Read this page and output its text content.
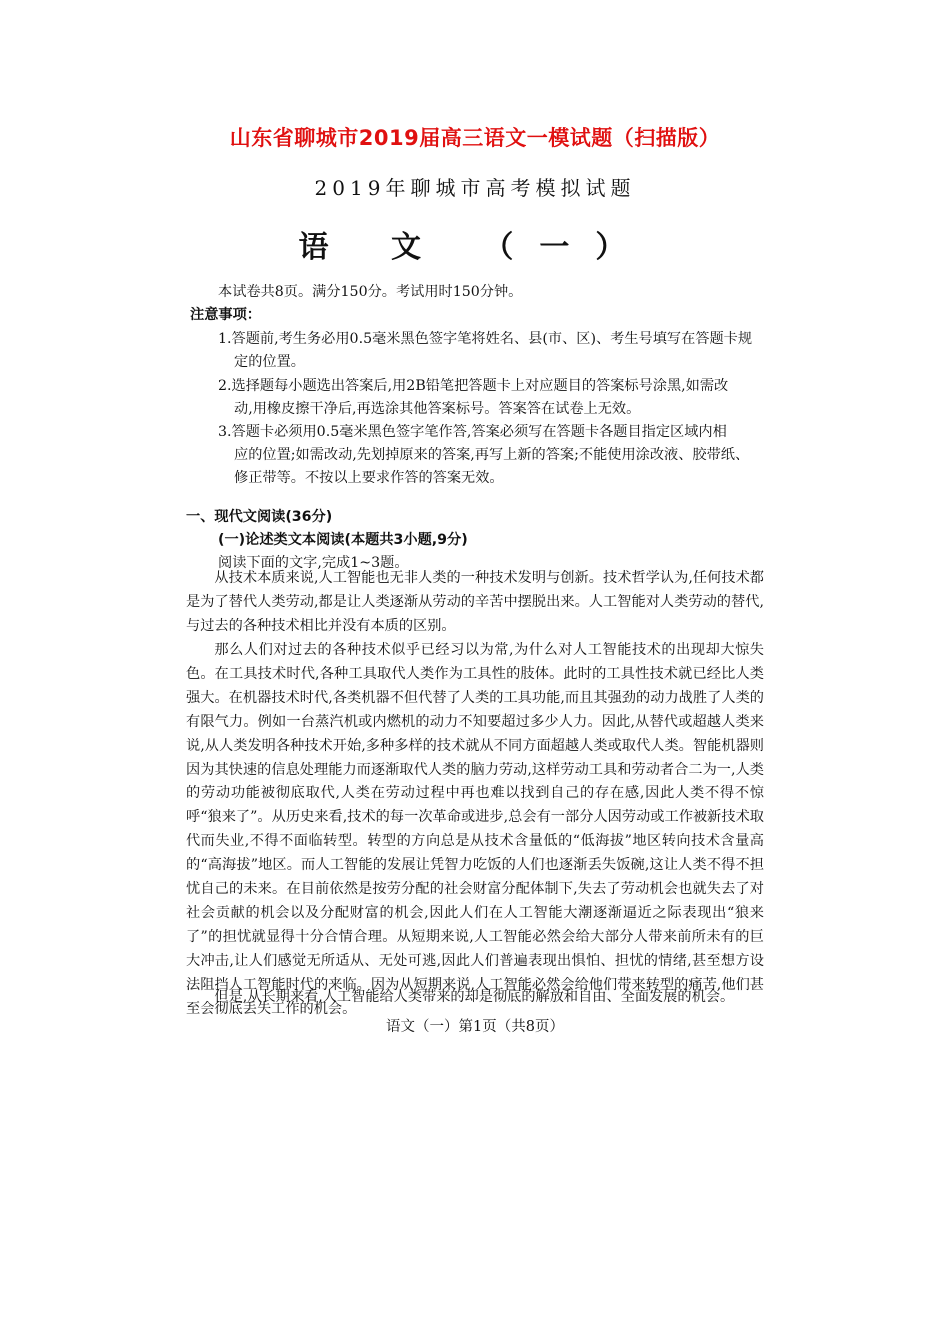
山东省聊城市2019届高三语文一模试题（扫描版）
2019年聊城市高考模拟试题
语 文 （一）
本试卷共8页。满分150分。考试用时150分钟。
注意事项：
1.答题前,考生务必用0.5毫米黑色签字笔将姓名、县(市、区)、考生号填写在答题卡规
定的位置。
2.选择题每小题选出答案后,用2B铅笔把答题卡上对应题目的答案标号涂黑,如需改
动,用橡皮擦干净后,再选涂其他答案标号。答案答在试卷上无效。
3.答题卡必须用0.5毫米黑色签字笔作答,答案必须写在答题卡各题目指定区域内相
应的位置;如需改动,先划掉原来的答案,再写上新的答案;不能使用涂改液、胶带纸、
修正带等。不按以上要求作答的答案无效。
一、现代文阅读(36分)
(一)论述类文本阅读(本题共3小题,9分)
阅读下面的文字,完成1~3题。
从技术本质来说,人工智能也无非人类的一种技术发明与创新。技术哲学认为,任何技术都是为了替代人类劳动,都是让人类逐渐从劳动的辛苦中摆脱出来。人工智能对人类劳动的替代,与过去的各种技术相比并没有本质的区别。
那么人们对过去的各种技术似乎已经习以为常,为什么对人工智能技术的出现却大惊失色。在工具技术时代,各种工具取代人类作为工具性的肢体。此时的工具性技术就已经比人类强大。在机器技术时代,各类机器不但代替了人类的工具功能,而且其强劲的动力战胜了人类的有限气力。例如一台蒸汽机或内燃机的动力不知要超过多少人力。因此,从替代或超越人类来说,从人类发明各种技术开始,多种多样的技术就从不同方面超越人类或取代人类。智能机器则因为其快速的信息处理能力而逐渐取代人类的脑力劳动,这样劳动工具和劳动者合二为一,人类的劳动功能被彻底取代,人类在劳动过程中再也难以找到自己的存在感,因此人类不得不惊呼“狼来了”。从历史来看,技术的每一次革命或进步,总会有一部分人因劳动或工作被新技术取代而失业,不得不面临转型。转型的方向总是从技术含量低的“低海拔”地区转向技术含量高的“高海拔”地区。而人工智能的发展让凭智力吃饭的人们也逐渐丢失饭碗,这让人类不得不担忧自己的未来。在目前依然是按劳分配的社会财富分配体制下,失去了劳动机会也就失去了对社会贡献的机会以及分配财富的机会,因此人们在人工智能大潮逐渐逼近之际表现出“狼来了”的担忧就显得十分合情合理。从短期来说,人工智能必然会给大部分人带来前所未有的巨大冲击,让人们感觉无所适从、无处可逃,因此人们普遍表现出惧怕、担忧的情绪,甚至想方设法阻挡人工智能时代的来临。因为从短期来说,人工智能必然会给他们带来转型的痛苦,他们甚至会彻底丢失工作的机会。
但是,从长期来看,人工智能给人类带来的却是彻底的解放和自由、全面发展的机会。
语文（一）第1页（共8页）
